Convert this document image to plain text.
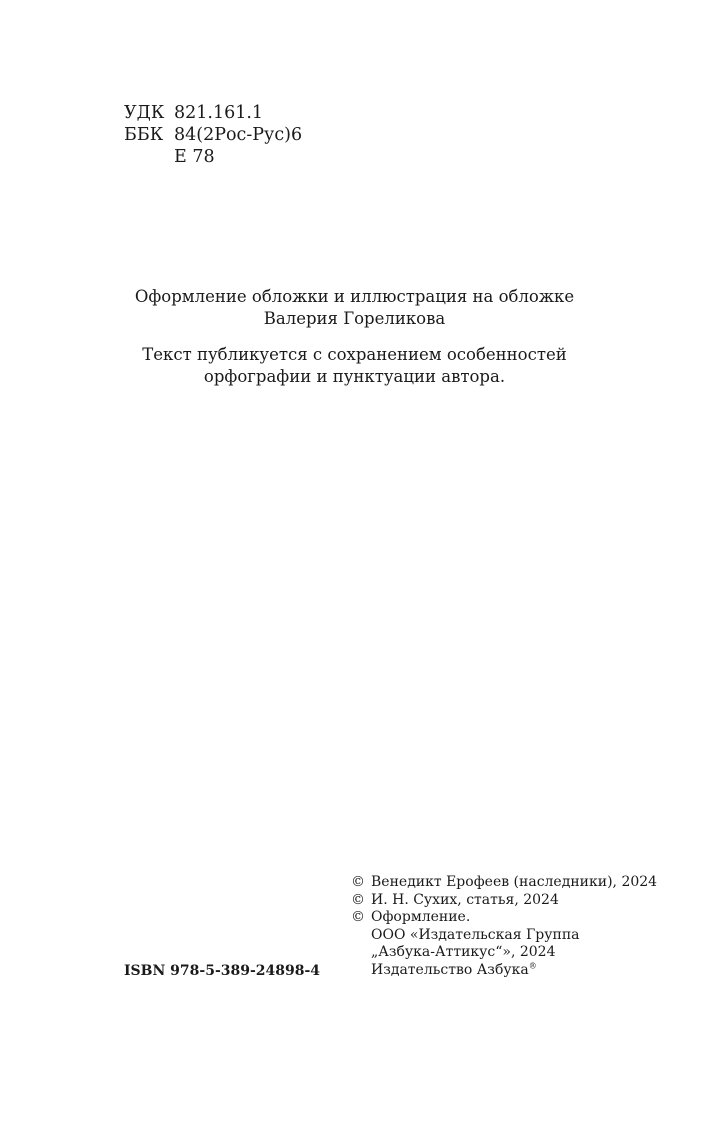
УДК 821.161.1
ББК 84(2Рос-Рус)6
Е 78
Оформление обложки и иллюстрация на обложке
Валерия Гореликова
Текст публикуется с сохранением особенностей
орфографии и пунктуации автора.
ISBN 978-5-389-24898-4
© Венедикт Ерофеев (наследники), 2024
© И. Н. Сухих, статья, 2024
© Оформление.
ООО «Издательская Группа
„Азбука-Аттикус“», 2024
Издательство Азбука®
